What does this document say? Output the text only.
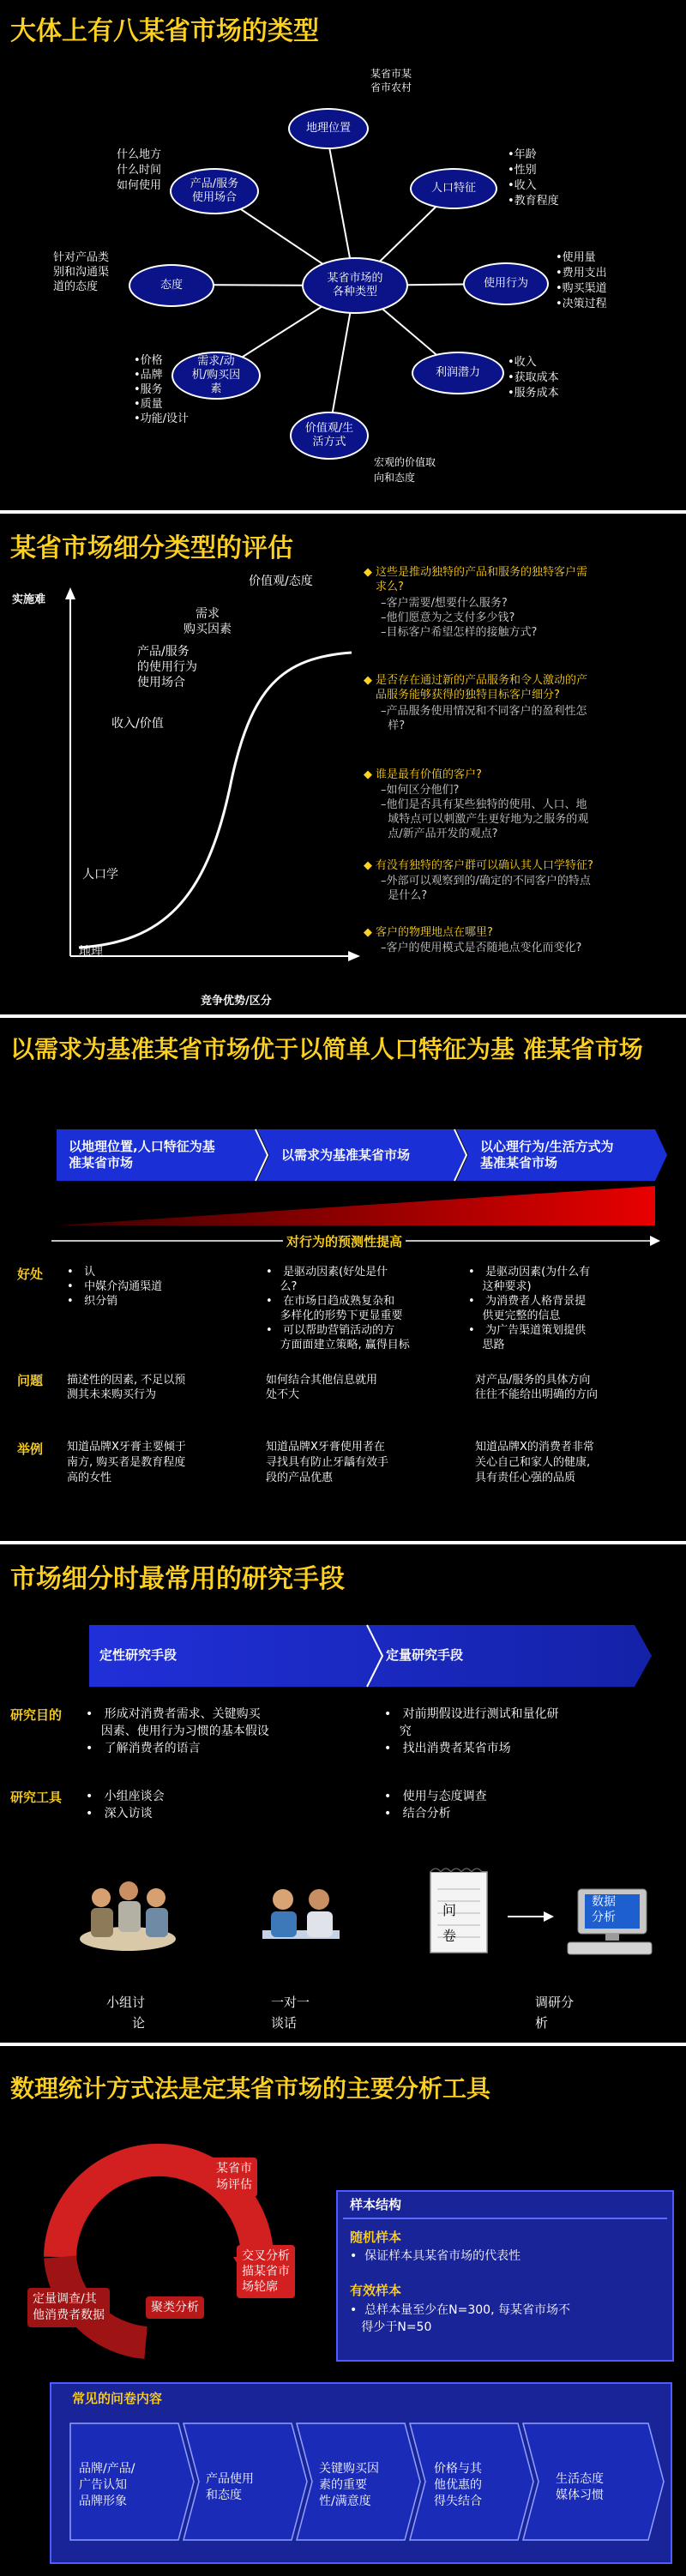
大体上有八某省市场的类型
某省市场的
各种类型
地理位置
人口特征
使用行为
利润潜力
价值观/生
活方式
需求/动
机/购买因
素
态度
产品/服务
使用场合
某省市某
省市农村
•年龄
•性别
•收入
•教育程度
•使用量
•费用支出
•购买渠道
•决策过程
•收入
•获取成本
•服务成本
宏观的价值取
向和态度
•价格
•品牌
•服务
•质量
•功能/设计
针对产品类
别和沟通渠
道的态度
什么地方
什么时间
如何使用
某省市场细分类型的评估
实施难
竞争优势/区分
地理
人口学
收入/价值
产品/服务
的使用行为
使用场合
需求
购买因素
价值观/态度
这些是推动独特的产品和服务的独特客户需
求么?
◆
–客户需要/想要什么服务?
–他们愿意为之支付多少钱?
–目标客户希望怎样的接触方式?
◆ 是否存在通过新的产品服务和令人激动的产
品服务能够获得的独特目标客户细分?
–产品服务使用情况和不同客户的盈利性怎
样?
◆ 谁是最有价值的客户?
–如何区分他们?
–他们是否具有某些独特的使用、人口、地
域特点可以刺激产生更好地为之服务的观
点/新产品开发的观点?
◆ 有没有独特的客户群可以确认其人口学特征?
–外部可以观察到的/确定的不同客户的特点
是什么?
◆ 客户的物理地点在哪里?
–客户的使用模式是否随地点变化而变化?
以需求为基准某省市场优于以简单人口特征为基 准某省市场
以地理位置,人口特征为基
准某省市场
以需求为基准某省市场
以心理行为/生活方式为
基准某省市场
对行为的预测性提高
好处
问题
举例
•   认
•   中媒介沟通渠道
•   织分销
•   是驱动因素(好处是什
么?
•   在市场日趋成熟复杂和
多样化的形势下更显重要
•   可以帮助营销活动的方
方面面建立策略, 赢得目标
•   是驱动因素(为什么有
这种要求)
•   为消费者人格背景提
供更完整的信息
•   为广告渠道策划提供
思路
描述性的因素, 不足以预
测其未来购买行为
如何结合其他信息就用
处不大
对产品/服务的具体方向
往往不能给出明确的方向
知道品牌X牙膏主要倾于
南方, 购买者是教育程度
高的女性
知道品牌X牙膏使用者在
寻找具有防止牙龋有效手
段的产品优惠
知道品牌X的消费者非常
关心自己和家人的健康,
具有责任心强的品质
市场细分时最常用的研究手段
定性研究手段	定量研究手段
研究目的
研究工具
•   形成对消费者需求、关键购买
因素、使用行为习惯的基本假设
•   了解消费者的语言
•   对前期假设进行测试和量化研
究
•   找出消费者某省市场
•   小组座谈会
•   深入访谈
•   使用与态度调查
•   结合分析
问
卷
数据
分析
小组讨
论
一对一
谈话
调研分
析
数理统计方式法是定某省市场的主要分析工具
某省市
场评估
交叉分析
描某省市
场轮廓
聚类分析
定量调查/其
他消费者数据
样本结构
随机样本
•  保证样本具某省市场的代表性
有效样本
•  总样本量至少在N=300, 每某省市场不
得少于N=50
常见的问卷内容
品牌/产品/
广告认知
品牌形象
产品使用
和态度
关键购买因
素的重要
性/满意度
价格与其
他优惠的
得失结合
生活态度
媒体习惯
